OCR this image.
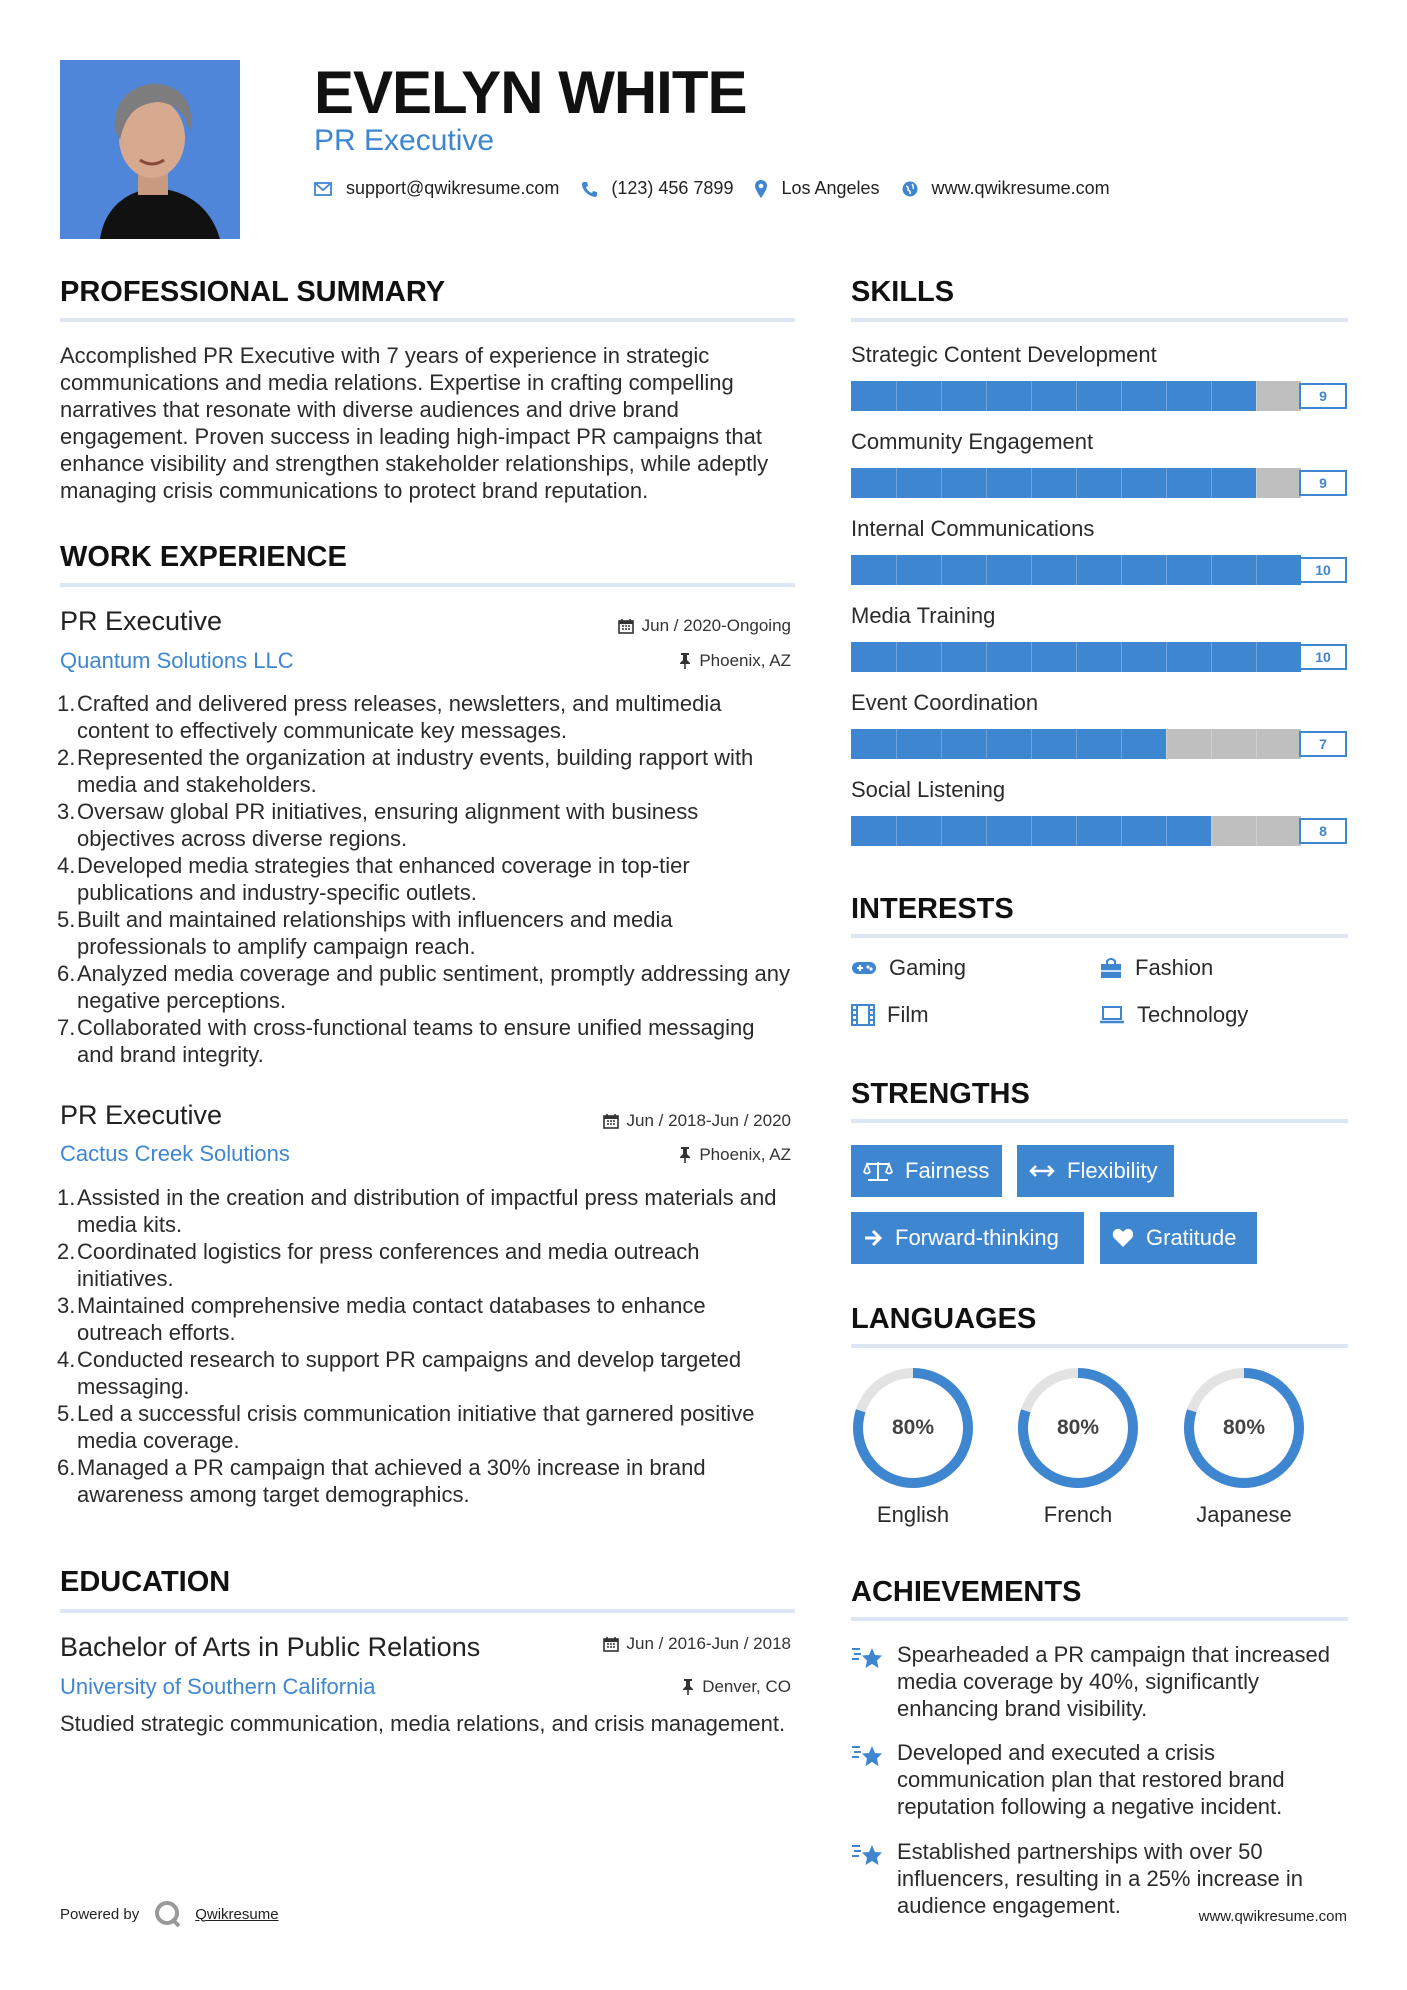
EVELYN WHITE
PR Executive
support@qwikresume.com	(123) 456 7899	Los Angeles	www.qwikresume.com
PROFESSIONAL SUMMARY
Accomplished PR Executive with 7 years of experience in strategic communications and media relations. Expertise in crafting compelling narratives that resonate with diverse audiences and drive brand engagement. Proven success in leading high-impact PR campaigns that enhance visibility and strengthen stakeholder relationships, while adeptly managing crisis communications to protect brand reputation.
WORK EXPERIENCE
PR Executive	Jun / 2020-Ongoing
Quantum Solutions LLC	Phoenix, AZ
1. Crafted and delivered press releases, newsletters, and multimedia content to effectively communicate key messages.
2. Represented the organization at industry events, building rapport with media and stakeholders.
3. Oversaw global PR initiatives, ensuring alignment with business objectives across diverse regions.
4. Developed media strategies that enhanced coverage in top-tier publications and industry-specific outlets.
5. Built and maintained relationships with influencers and media professionals to amplify campaign reach.
6. Analyzed media coverage and public sentiment, promptly addressing any negative perceptions.
7. Collaborated with cross-functional teams to ensure unified messaging and brand integrity.
PR Executive	Jun / 2018-Jun / 2020
Cactus Creek Solutions	Phoenix, AZ
1. Assisted in the creation and distribution of impactful press materials and media kits.
2. Coordinated logistics for press conferences and media outreach initiatives.
3. Maintained comprehensive media contact databases to enhance outreach efforts.
4. Conducted research to support PR campaigns and develop targeted messaging.
5. Led a successful crisis communication initiative that garnered positive media coverage.
6. Managed a PR campaign that achieved a 30% increase in brand awareness among target demographics.
EDUCATION
Bachelor of Arts in Public Relations	Jun / 2016-Jun / 2018
University of Southern California	Denver, CO
Studied strategic communication, media relations, and crisis management.
SKILLS
Strategic Content Development
9
Community Engagement
9
Internal Communications
10
Media Training
10
Event Coordination
7
Social Listening
8
INTERESTS
Gaming	Fashion
Film	Technology
STRENGTHS
Fairness	Flexibility
Forward-thinking	Gratitude
LANGUAGES
80%
English
80%
French
80%
Japanese
ACHIEVEMENTS
Spearheaded a PR campaign that increased media coverage by 40%, significantly enhancing brand visibility.
Developed and executed a crisis communication plan that restored brand reputation following a negative incident.
Established partnerships with over 50 influencers, resulting in a 25% increase in audience engagement.
Powered by	Qwikresume	www.qwikresume.com
